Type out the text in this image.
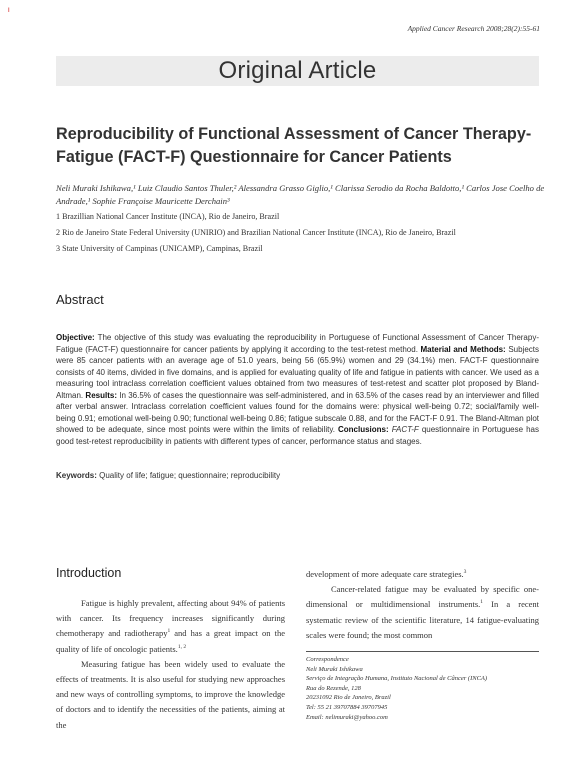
I
Applied Cancer Research 2008;28(2):55-61
Original Article
Reproducibility of Functional Assessment of Cancer Therapy-Fatigue (FACT-F) Questionnaire for Cancer Patients

Neli Muraki Ishikawa,¹ Luiz Claudio Santos Thuler,² Alessandra Grasso Giglio,¹ Clarissa Serodio da Rocha Baldotto,¹ Carlos Jose Coelho de Andrade,¹ Sophie Françoise Mauricette Derchain³

1 Brazillian National Cancer Institute (INCA), Rio de Janeiro, Brazil

2 Rio de Janeiro State Federal University (UNIRIO) and Brazilian National Cancer Institute (INCA), Rio de Janeiro, Brazil

3 State University of Campinas (UNICAMP), Campinas, Brazil

Abstract

Objective: The objective of this study was evaluating the reproducibility in Portuguese of Functional Assessment of Cancer Therapy-Fatigue (FACT-F) questionnaire for cancer patients by applying it according to the test-retest method. Material and Methods: Subjects were 85 cancer patients with an average age of 51.0 years, being 56 (65.9%) women and 29 (34.1%) men. FACT-F questionnaire consists of 40 items, divided in five domains, and is applied for evaluating quality of life and fatigue in patients with cancer. We used as a measuring tool intraclass correlation coefficient values obtained from two measures of test-retest and scatter plot proposed by Bland-Altman. Results: In 36.5% of cases the questionnaire was self-administered, and in 63.5% of the cases read by an interviewer and filled after verbal answer. Intraclass correlation coefficient values found for the domains were: physical well-being 0.72; social/family well-being 0.91; emotional well-being 0.90; functional well-being 0.86; fatigue subscale 0.88, and for the FACT-F 0.91. The Bland-Altman plot showed to be adequate, since most points were within the limits of reliability. Conclusions: FACT-F questionnaire in Portuguese has good test-retest reproducibility in patients with different types of cancer, performance status and stages.

Keywords: Quality of life; fatigue; questionnaire; reproducibility

Introduction

Fatigue is highly prevalent, affecting about 94% of patients with cancer. Its frequency increases significantly during chemotherapy and radiotherapy$^1$ and has a great impact on the quality of life of oncologic patients.$^{1, 2}$

Measuring fatigue has been widely used to evaluate the effects of treatments. It is also useful for studying new approaches and new ways of controlling symptoms, to improve the knowledge of doctors and to identify the necessities of the patients, aiming at the

development of more adequate care strategies.$^3$

Cancer-related fatigue may be evaluated by specific one-dimensional or multidimensional instruments.$^1$ In a recent systematic review of the scientific literature, 14 fatigue-evaluating scales were found; the most common

Correspondence

Neli Muraki Ishikawa

Serviço de Integração Humana, Instituto Nacional de Câncer (INCA)

Rua do Rezende, 128

20231092 Rio de Janeiro, Brazil

Tel: 55 21 39707884 39707945

Email: nelimuraki@yahoo.com
